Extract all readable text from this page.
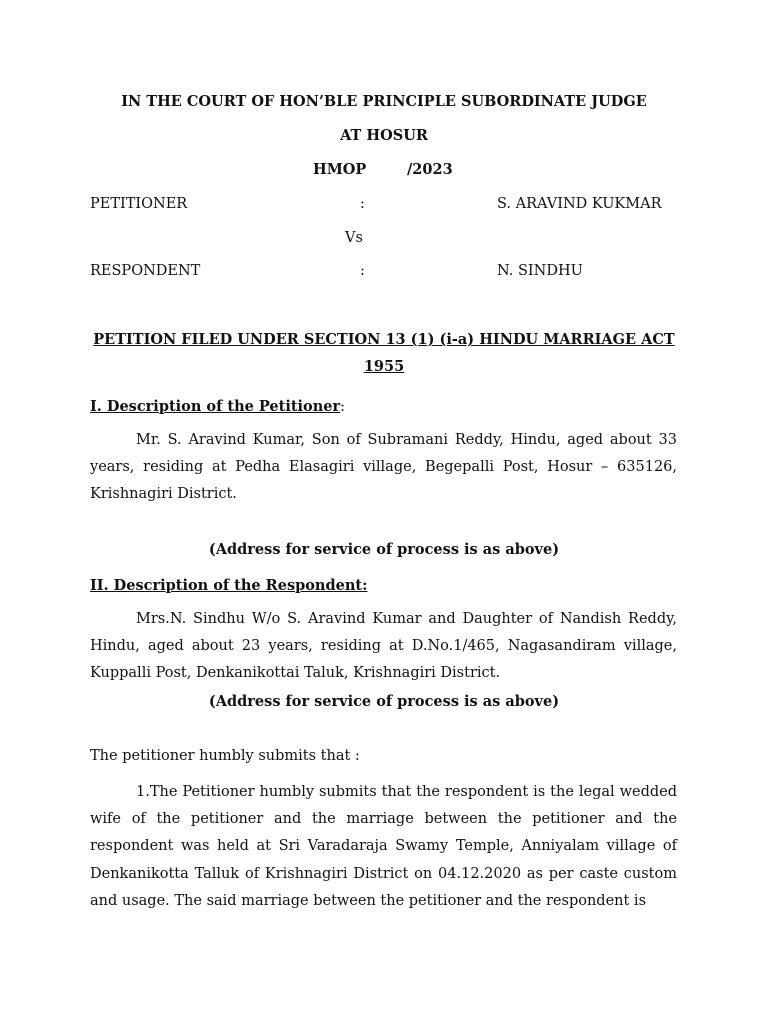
IN THE COURT OF HON’BLE PRINCIPLE SUBORDINATE JUDGE
AT HOSUR
HMOP	/2023
PETITIONER	:	S. ARAVIND KUKMAR
Vs
RESPONDENT	:	N. SINDHU
PETITION FILED UNDER SECTION 13 (1) (i-a) HINDU MARRIAGE ACT
1955
I. Description of the Petitioner:

Mr. S. Aravind Kumar, Son of Subramani Reddy, Hindu, aged about 33 years, residing at Pedha Elasagiri village, Begepalli Post, Hosur – 635126, Krishnagiri District.

(Address for service of process is as above)
II. Description of the Respondent:

Mrs.N. Sindhu W/o S. Aravind Kumar and Daughter of Nandish Reddy, Hindu, aged about 23 years, residing at D.No.1/465, Nagasandiram village, Kuppalli Post, Denkanikottai Taluk, Krishnagiri District.

(Address for service of process is as above)
The petitioner humbly submits that :

1.The Petitioner humbly submits that the respondent is the legal wedded wife of the petitioner and the marriage between the petitioner and the respondent was held at Sri Varadaraja Swamy Temple, Anniyalam village of Denkanikotta Talluk of Krishnagiri District on 04.12.2020 as per caste custom and usage. The said marriage between the petitioner and the respondent is
